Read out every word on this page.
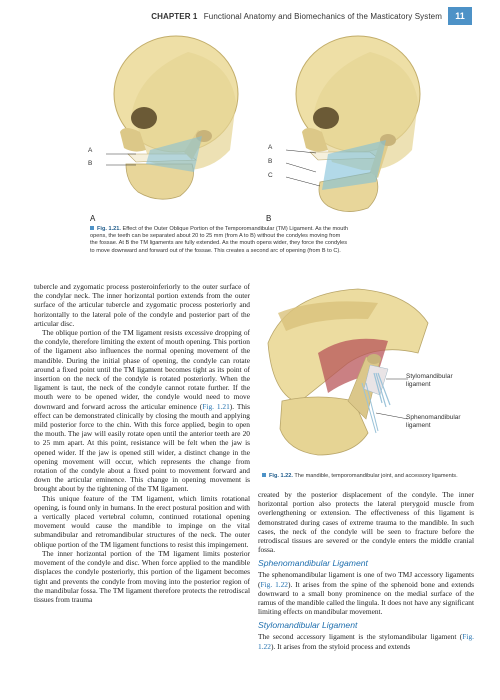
CHAPTER 1 Functional Anatomy and Biomechanics of the Masticatory System	11
A
B
A
B
C
A	B
Fig. 1.21. Effect of the Outer Oblique Portion of the Temporomandibular (TM) Ligament. As the mouth
opens, the teeth can be separated about 20 to 25 mm (from A to B) without the condyles moving from
the fossae. At B the TM ligaments are fully extended. As the mouth opens wider, they force the condyles
to move downward and forward out of the fossae. This creates a second arc of opening (from B to C).

tubercle and zygomatic process posteroinferiorly to the outer surface of the condylar neck. The inner horizontal portion extends from the outer surface of the articular tubercle and zygomatic process posteriorly and horizontally to the lateral pole of the condyle and posterior part of the articular disc.

The oblique portion of the TM ligament resists excessive dropping of the condyle, therefore limiting the extent of mouth opening. This portion of the ligament also influences the normal opening movement of the mandible. During the initial phase of opening, the condyle can rotate around a fixed point until the TM ligament becomes tight as its point of insertion on the neck of the condyle is rotated posteriorly. When the ligament is taut, the neck of the condyle cannot rotate further. If the mouth were to be opened wider, the condyle would need to move downward and forward across the articular eminence (Fig. 1.21). This effect can be demonstrated clinically by closing the mouth and applying mild posterior force to the chin. With this force applied, begin to open the mouth. The jaw will easily rotate open until the anterior teeth are 20 to 25 mm apart. At this point, resistance will be felt when the jaw is opened wider. If the jaw is opened still wider, a distinct change in the opening movement will occur, which represents the change from rotation of the condyle about a fixed point to movement forward and down the articular eminence. This change in opening movement is brought about by the tightening of the TM ligament.

This unique feature of the TM ligament, which limits rotational opening, is found only in humans. In the erect postural position and with a vertically placed vertebral column, continued rotational opening movement would cause the mandible to impinge on the vital submandibular and retromandibular structures of the neck. The outer oblique portion of the TM ligament functions to resist this impingement.

The inner horizontal portion of the TM ligament limits posterior movement of the condyle and disc. When force applied to the mandible displaces the condyle posteriorly, this portion of the ligament becomes tight and prevents the condyle from moving into the posterior region of the mandibular fossa. The TM ligament therefore protects the retrodiscal tissues from trauma

Stylomandibular ligament
Sphenomandibular ligament
Fig. 1.22. The mandible, temporomandibular joint, and accessory ligaments.

created by the posterior displacement of the condyle. The inner horizontal portion also protects the lateral pterygoid muscle from overlengthening or extension. The effectiveness of this ligament is demonstrated during cases of extreme trauma to the mandible. In such cases, the neck of the condyle will be seen to fracture before the retrodiscal tissues are severed or the condyle enters the middle cranial fossa.

Sphenomandibular Ligament

The sphenomandibular ligament is one of two TMJ accessory ligaments (Fig. 1.22). It arises from the spine of the sphenoid bone and extends downward to a small bony prominence on the medial surface of the ramus of the mandible called the lingula. It does not have any significant limiting effects on mandibular movement.

Stylomandibular Ligament

The second accessory ligament is the stylomandibular ligament (Fig. 1.22). It arises from the styloid process and extends
